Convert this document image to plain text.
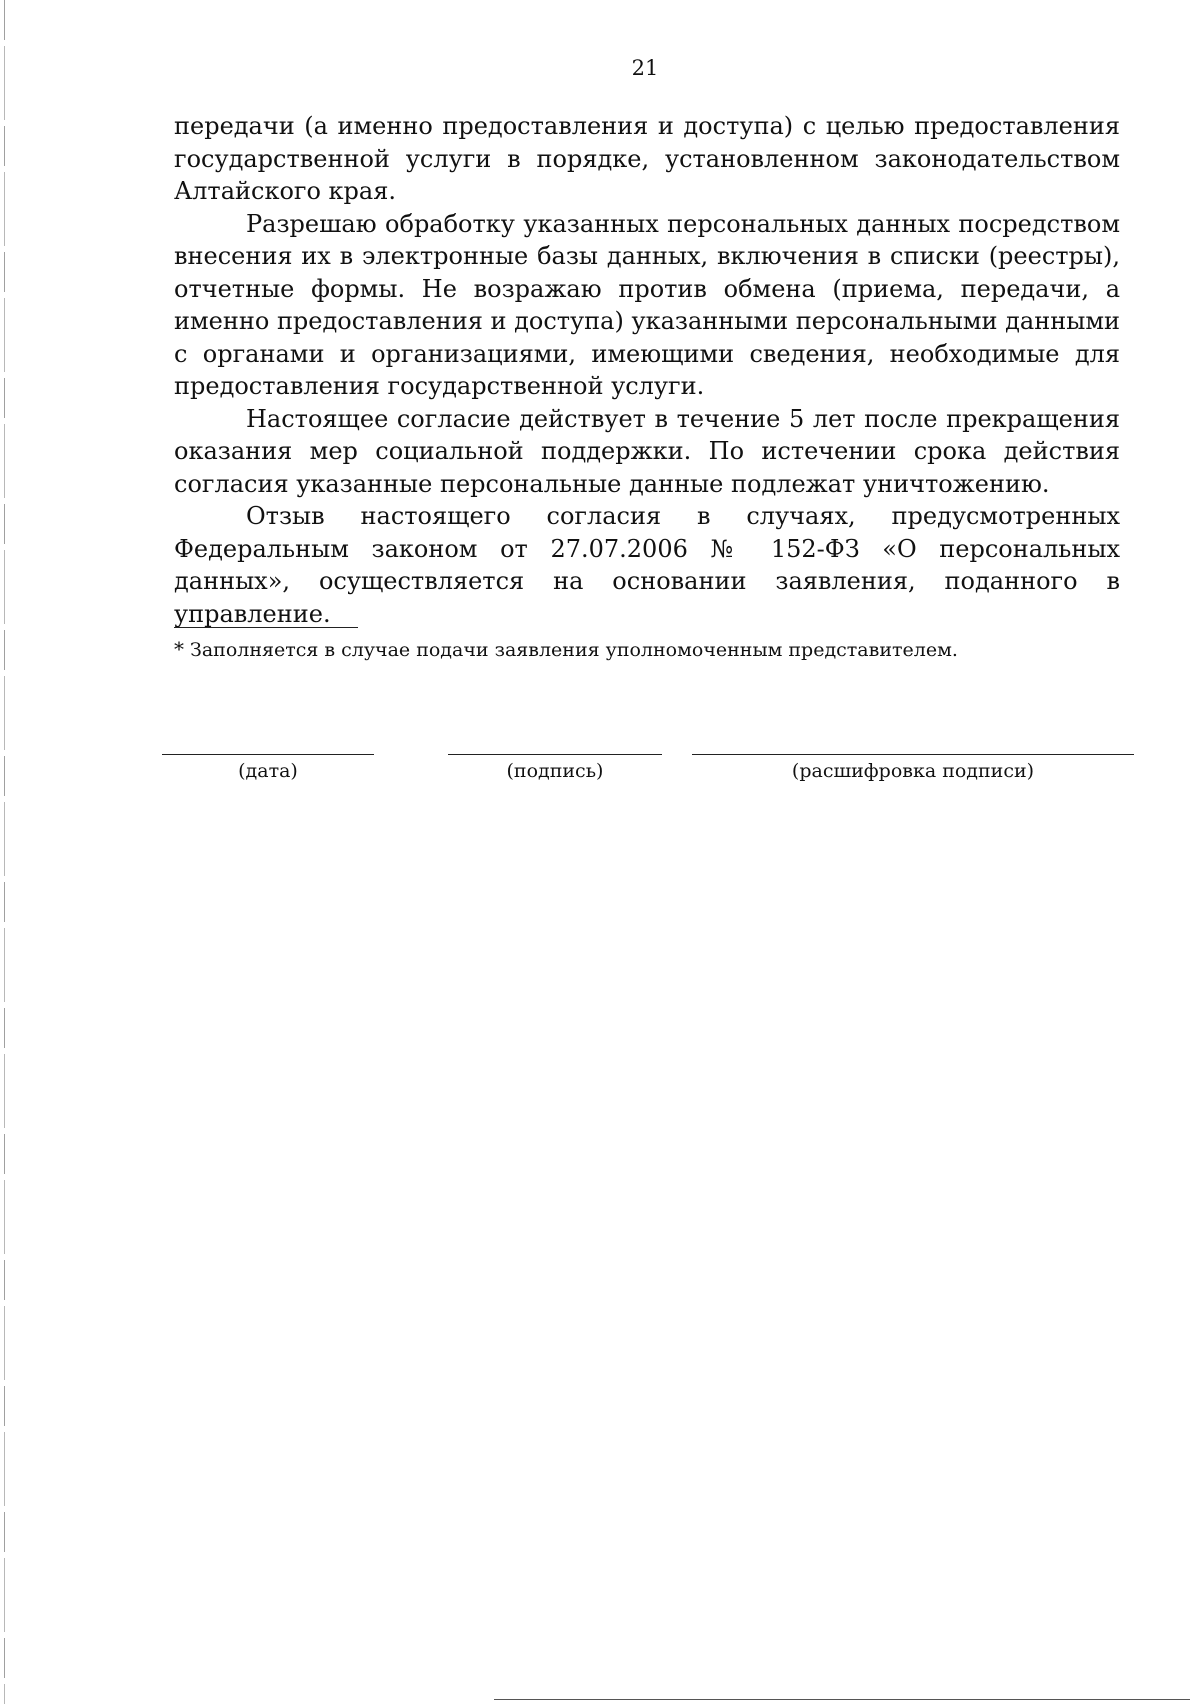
21

передачи (а именно предоставления и доступа) с целью предоставления государственной услуги в порядке, установленном законодательством Алтайского края.

Разрешаю обработку указанных персональных данных посредством внесения их в электронные базы данных, включения в списки (реестры), отчетные формы. Не возражаю против обмена (приема, передачи, а именно предоставления и доступа) указанными персональными данными с органами и организациями, имеющими сведения, необходимые для предоставления государственной услуги.

Настоящее согласие действует в течение 5 лет после прекращения оказания мер социальной поддержки. По истечении срока действия согласия указанные персональные данные подлежат уничтожению.

Отзыв настоящего согласия в случаях, предусмотренных Федеральным законом от 27.07.2006 № 152-ФЗ «О персональных данных», осуществляется на основании заявления, поданного в управление.

* Заполняется в случае подачи заявления уполномоченным представителем.
(дата)	(подпись)	(расшифровка подписи)
